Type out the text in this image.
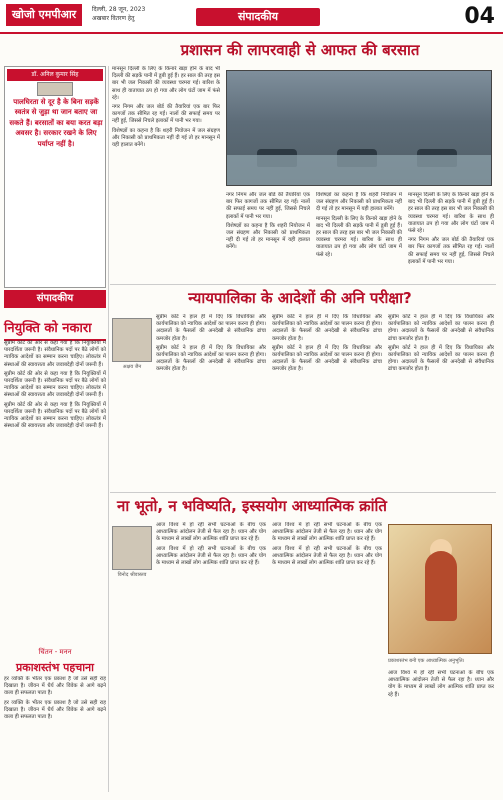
खोजो एमपीआर	दिल्ली, 28 जून, 2023
अखबार वितरण हेतु	संपादकीय	04
प्रशासन की लापरवाही से आफत की बरसात
डॉ. अनिल कुमार सिंह
पालघिरता से दूर है के बिना सड़कें स्वतंत्र से जुड़ा था जान बताए जा सकते हैं। बरसातों का बया करत बड़ा अवसर है। सरकार रखने के लिए पर्याप्त नहीं है।

मानसून दिल्ली के लिए के किनारे खड़ा होने के बाद भी दिल्ली की सड़कें पानी में डूबी हुई हैं। हर साल की तरह इस बार भी जल निकासी की व्यवस्था चरमरा गई। बारिश के साथ ही यातायात ठप हो गया और लोग घंटों जाम में फंसे रहे।

नगर निगम और जल बोर्ड की तैयारियां एक बार फिर कागजों तक सीमित रह गईं। नालों की सफाई समय पर नहीं हुई, जिससे निचले इलाकों में पानी भर गया।

विशेषज्ञों का कहना है कि शहरी नियोजन में जल संग्रहण और निकासी को प्राथमिकता नहीं दी गई तो हर मानसून में यही हालात बनेंगे।

नगर निगम और जल बोर्ड की तैयारियां एक बार फिर कागजों तक सीमित रह गईं। नालों की सफाई समय पर नहीं हुई, जिससे निचले इलाकों में पानी भर गया।

विशेषज्ञों का कहना है कि शहरी नियोजन में जल संग्रहण और निकासी को प्राथमिकता नहीं दी गई तो हर मानसून में यही हालात बनेंगे।

विशेषज्ञों का कहना है कि शहरी नियोजन में जल संग्रहण और निकासी को प्राथमिकता नहीं दी गई तो हर मानसून में यही हालात बनेंगे।

मानसून दिल्ली के लिए के किनारे खड़ा होने के बाद भी दिल्ली की सड़कें पानी में डूबी हुई हैं। हर साल की तरह इस बार भी जल निकासी की व्यवस्था चरमरा गई। बारिश के साथ ही यातायात ठप हो गया और लोग घंटों जाम में फंसे रहे।

मानसून दिल्ली के लिए के किनारे खड़ा होने के बाद भी दिल्ली की सड़कें पानी में डूबी हुई हैं। हर साल की तरह इस बार भी जल निकासी की व्यवस्था चरमरा गई। बारिश के साथ ही यातायात ठप हो गया और लोग घंटों जाम में फंसे रहे।

नगर निगम और जल बोर्ड की तैयारियां एक बार फिर कागजों तक सीमित रह गईं। नालों की सफाई समय पर नहीं हुई, जिससे निचले इलाकों में पानी भर गया।

संपादकीय
नियुक्ति को नकारा

सुप्रीम कोर्ट की ओर से कहा गया है कि नियुक्तियों में पारदर्शिता जरूरी है। संवैधानिक पदों पर बैठे लोगों को न्यायिक आदेशों का सम्मान करना चाहिए। लोकतंत्र में संस्थाओं की स्वायत्तता और जवाबदेही दोनों जरूरी हैं।

सुप्रीम कोर्ट की ओर से कहा गया है कि नियुक्तियों में पारदर्शिता जरूरी है। संवैधानिक पदों पर बैठे लोगों को न्यायिक आदेशों का सम्मान करना चाहिए। लोकतंत्र में संस्थाओं की स्वायत्तता और जवाबदेही दोनों जरूरी हैं।

सुप्रीम कोर्ट की ओर से कहा गया है कि नियुक्तियों में पारदर्शिता जरूरी है। संवैधानिक पदों पर बैठे लोगों को न्यायिक आदेशों का सम्मान करना चाहिए। लोकतंत्र में संस्थाओं की स्वायत्तता और जवाबदेही दोनों जरूरी हैं।

चिंतन - मनन
प्रकाशस्तंभ पहचाना

हर व्यक्ति के भीतर एक प्रकाश है जो उसे सही राह दिखाता है। जीवन में धैर्य और विवेक से आगे बढ़ने वाला ही सफलता पाता है।

हर व्यक्ति के भीतर एक प्रकाश है जो उसे सही राह दिखाता है। जीवन में धैर्य और विवेक से आगे बढ़ने वाला ही सफलता पाता है।

न्यायपालिका के आदेशों की अनि परीक्षा?
अक्षय जैन

सुप्रीम कोर्ट ने हाल ही में दिए कि विधायिका और कार्यपालिका को न्यायिक आदेशों का पालन करना ही होगा। अदालतों के फैसलों की अनदेखी से संवैधानिक ढांचा कमजोर होता है।

सुप्रीम कोर्ट ने हाल ही में दिए कि विधायिका और कार्यपालिका को न्यायिक आदेशों का पालन करना ही होगा। अदालतों के फैसलों की अनदेखी से संवैधानिक ढांचा कमजोर होता है।

सुप्रीम कोर्ट ने हाल ही में दिए कि विधायिका और कार्यपालिका को न्यायिक आदेशों का पालन करना ही होगा। अदालतों के फैसलों की अनदेखी से संवैधानिक ढांचा कमजोर होता है।

सुप्रीम कोर्ट ने हाल ही में दिए कि विधायिका और कार्यपालिका को न्यायिक आदेशों का पालन करना ही होगा। अदालतों के फैसलों की अनदेखी से संवैधानिक ढांचा कमजोर होता है।

सुप्रीम कोर्ट ने हाल ही में दिए कि विधायिका और कार्यपालिका को न्यायिक आदेशों का पालन करना ही होगा। अदालतों के फैसलों की अनदेखी से संवैधानिक ढांचा कमजोर होता है।

सुप्रीम कोर्ट ने हाल ही में दिए कि विधायिका और कार्यपालिका को न्यायिक आदेशों का पालन करना ही होगा। अदालतों के फैसलों की अनदेखी से संवैधानिक ढांचा कमजोर होता है।

ना भूतो, न भविष्यति, इस्सयोग आध्यात्मिक क्रांति
विनोद श्रीवास्तव

आज विश्व में हो रही सभी घटनाओं के बीच एक आध्यात्मिक आंदोलन तेजी से फैल रहा है। ध्यान और योग के माध्यम से लाखों लोग आत्मिक शांति प्राप्त कर रहे हैं।

आज विश्व में हो रही सभी घटनाओं के बीच एक आध्यात्मिक आंदोलन तेजी से फैल रहा है। ध्यान और योग के माध्यम से लाखों लोग आत्मिक शांति प्राप्त कर रहे हैं।

आज विश्व में हो रही सभी घटनाओं के बीच एक आध्यात्मिक आंदोलन तेजी से फैल रहा है। ध्यान और योग के माध्यम से लाखों लोग आत्मिक शांति प्राप्त कर रहे हैं।

आज विश्व में हो रही सभी घटनाओं के बीच एक आध्यात्मिक आंदोलन तेजी से फैल रहा है। ध्यान और योग के माध्यम से लाखों लोग आत्मिक शांति प्राप्त कर रहे हैं।

प्रकाशस्तंभ बनी एक आध्यात्मिक अनुभूति।

आज विश्व में हो रही सभी घटनाओं के बीच एक आध्यात्मिक आंदोलन तेजी से फैल रहा है। ध्यान और योग के माध्यम से लाखों लोग आत्मिक शांति प्राप्त कर रहे हैं।
